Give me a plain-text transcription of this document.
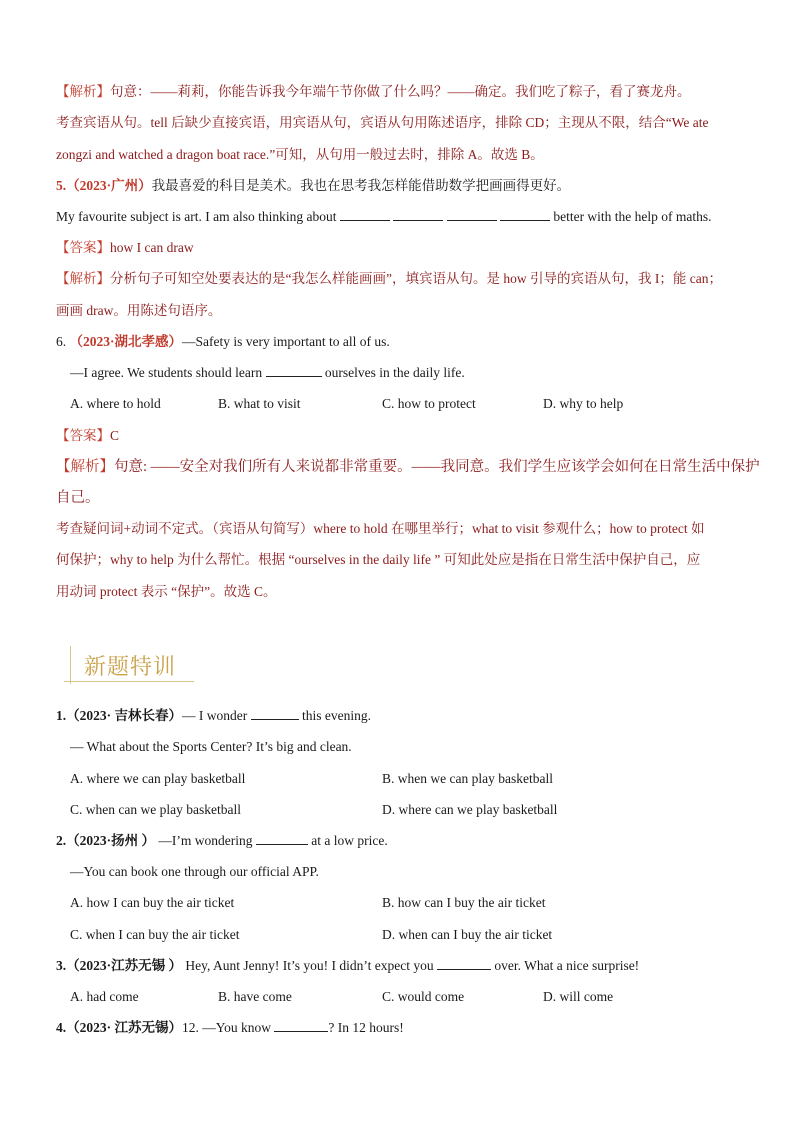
【解析】句意：——莉莉，你能告诉我今年端午节你做了什么吗？——确定。我们吃了粽子，看了赛龙舟。
考查宾语从句。tell 后缺少直接宾语，用宾语从句，宾语从句用陈述语序，排除 CD；主现从不限，结合“We ate
zongzi and watched a dragon boat race.”可知，从句用一般过去时，排除 A。故选 B。
5.（2023·广州）我最喜爱的科目是美术。我也在思考我怎样能借助数学把画画得更好。
My favourite subject is art. I am also thinking about	better with the help of maths.
【答案】how I can draw
【解析】分析句子可知空处要表达的是“我怎么样能画画”，填宾语从句。是 how 引导的宾语从句，我 I；能 can；
画画 draw。用陈述句语序。
6. （2023·湖北孝感）—Safety is very important to all of us.
—I agree. We students should learn	ourselves in the daily life.
A. where to hold	B. what to visit	C. how to protect	D. why to help
【答案】C
【解析】句意: ——安全对我们所有人来说都非常重要。——我同意。我们学生应该学会如何在日常生活中保护
自己。
考查疑问词+动词不定式。（宾语从句简写）where to hold 在哪里举行；what to visit 参观什么；how to protect 如
何保护；why to help 为什么帮忙。根据 “ourselves in the daily life ” 可知此处应是指在日常生活中保护自己，应
用动词 protect 表示 “保护”。故选 C。
新题特训
1.（2023· 吉林长春）— I wonder	this evening.
— What about the Sports Center? It’s big and clean.
A. where we can play basketball	B. when we can play basketball
C. when can we play basketball	D. where can we play basketball
2.（2023·扬州 ） —I’m wondering	at a low price.
—You can book one through our official APP.
A. how I can buy the air ticket	B. how can I buy the air ticket
C. when I can buy the air ticket	D. when can I buy the air ticket
3.（2023·江苏无锡 ） Hey, Aunt Jenny! It’s you! I didn’t expect you	over. What a nice surprise!
A. had come	B. have come	C. would come	D. will come
4.（2023· 江苏无锡）12. —You know	? In 12 hours!
